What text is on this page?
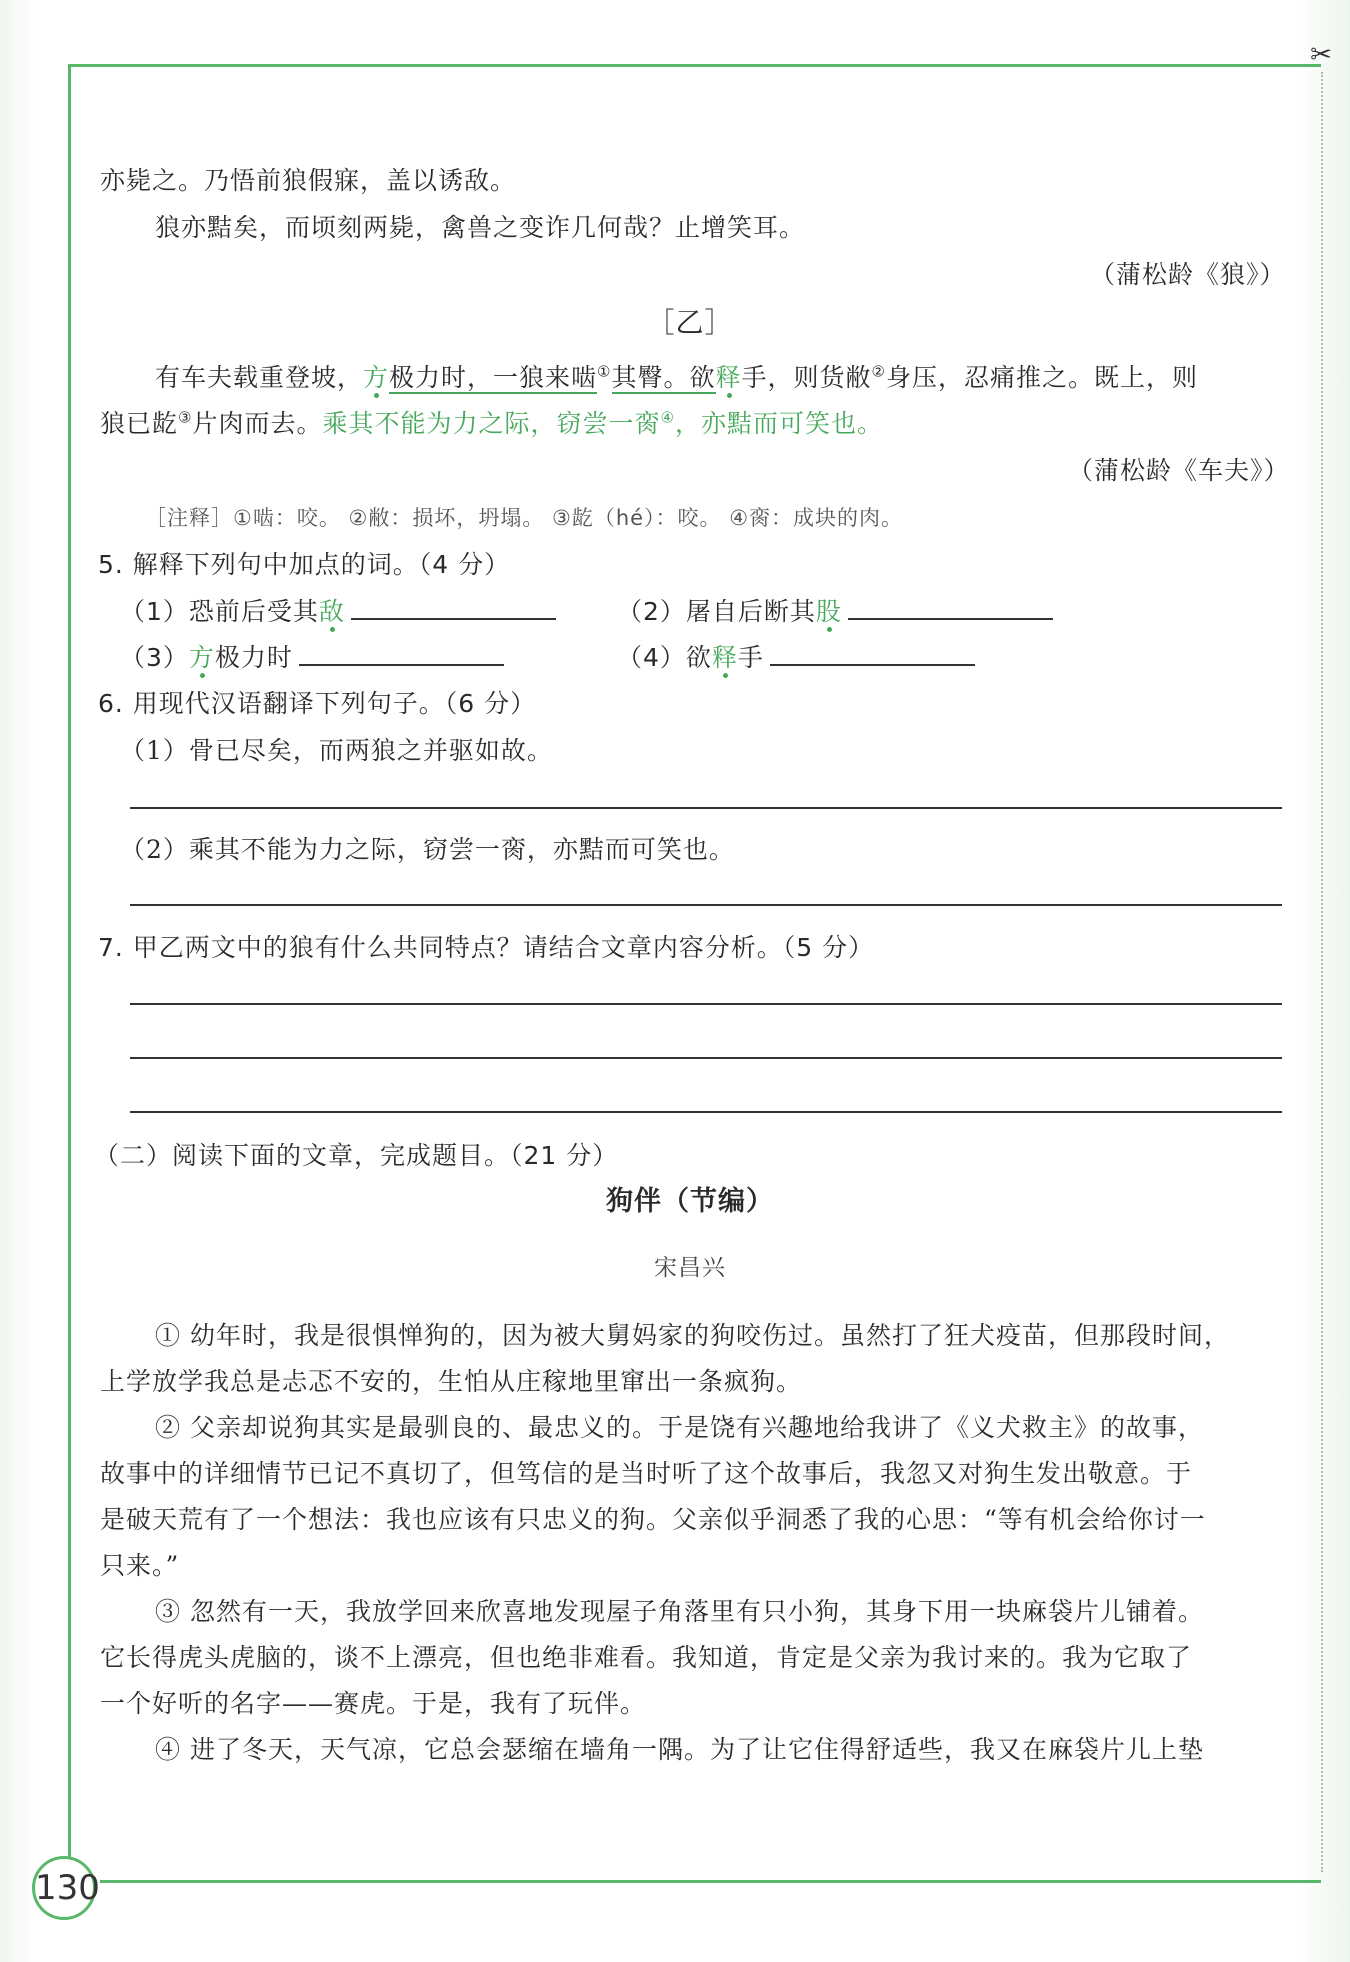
✂
130
亦毙之。乃悟前狼假寐，盖以诱敌。
狼亦黠矣，而顷刻两毙，禽兽之变诈几何哉？止增笑耳。
（蒲松龄《狼》）
［乙］
有车夫载重登坡，方极力时，一狼来啮①其臀。欲释手，则货敝②身压，忍痛推之。既上，则
狼已龁③片肉而去。乘其不能为力之际，窃尝一脔④，亦黠而可笑也。
（蒲松龄《车夫》）
［注释］①啮：咬。 ②敝：损坏，坍塌。 ③龁（hé）：咬。 ④脔：成块的肉。
5. 解释下列句中加点的词。（4 分）
（1）恐前后受其敌	（2）屠自后断其股
（3）方极力时	（4）欲释手
6. 用现代汉语翻译下列句子。（6 分）
（1）骨已尽矣，而两狼之并驱如故。
（2）乘其不能为力之际，窃尝一脔，亦黠而可笑也。
7. 甲乙两文中的狼有什么共同特点？请结合文章内容分析。（5 分）
（二）阅读下面的文章，完成题目。（21 分）
狗伴（节编）
宋昌兴
① 幼年时，我是很惧惮狗的，因为被大舅妈家的狗咬伤过。虽然打了狂犬疫苗，但那段时间，
上学放学我总是忐忑不安的，生怕从庄稼地里窜出一条疯狗。
② 父亲却说狗其实是最驯良的、最忠义的。于是饶有兴趣地给我讲了《义犬救主》的故事，
故事中的详细情节已记不真切了，但笃信的是当时听了这个故事后，我忽又对狗生发出敬意。于
是破天荒有了一个想法：我也应该有只忠义的狗。父亲似乎洞悉了我的心思：“等有机会给你讨一
只来。”
③ 忽然有一天，我放学回来欣喜地发现屋子角落里有只小狗，其身下用一块麻袋片儿铺着。
它长得虎头虎脑的，谈不上漂亮，但也绝非难看。我知道，肯定是父亲为我讨来的。我为它取了
一个好听的名字——赛虎。于是，我有了玩伴。
④ 进了冬天，天气凉，它总会瑟缩在墙角一隅。为了让它住得舒适些，我又在麻袋片儿上垫
